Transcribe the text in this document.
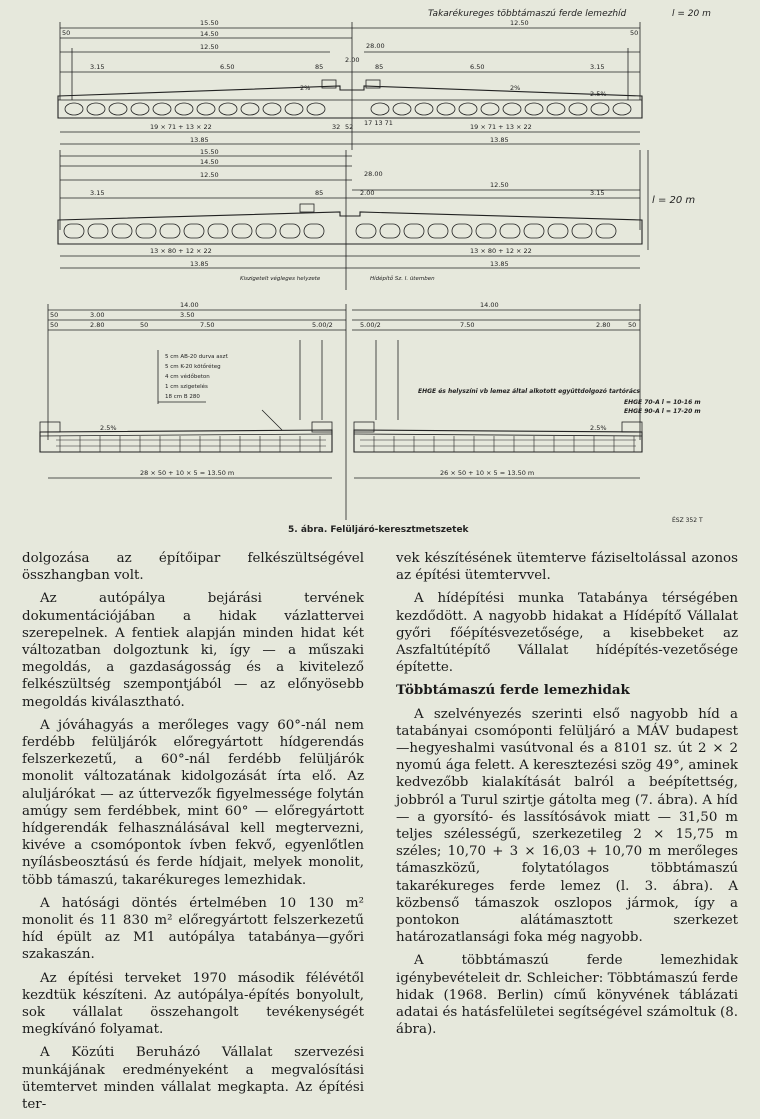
Takarékureges többtámaszú ferde lemezhíd	l = 20 m
15.50	12.50
50	14.50
28.00
12.50
3.15	6.50	85
2.00
85	6.50	3.15
50
19 × 71 + 13 × 22	32 52 17 13 71	19 × 71 + 13 × 22
13.85	13.85
2%	2%
2.5%
15.50
14.50
12.50	28.00
3.15	85	2.00
12.50
3.15
13 × 80 + 12 × 22	13 × 80 + 12 × 22
13.85	13.85
Kiszigetelt végleges helyzete	Hídépítő Sz. I. ütemben
l = 20 m
14.00	14.00
50	3.00	3.50
50	2.80	50	7.50	5.00/2	5.00/2	7.50	2.80	50
5 cm AB-20 durva aszf.
5 cm K-20 kötőréteg
4 cm védőbeton
1 cm szigetelés
18 cm B 280
EHGE és helyszíni vb lemez által alkotott együttdolgozó tartórács
EHGE 70-A l = 10-16 m
EHGE 90-A l = 17-20 m
28 × 50 + 10 × 5 = 13.50 m	26 × 50 + 10 × 5 = 13.50 m
2.5%	2.5%
5. ábra. Felüljáró-keresztmetszetek
ÉSZ 352 T

dolgozása az építőipar felkészültségével összhangban volt.

Az autópálya bejárási tervének dokumentációjában a hidak vázlattervei szerepelnek. A fentiek alapján minden hidat két változatban dolgoztunk ki, így — a műszaki megoldás, a gazdaságosság és a kivitelező felkészültség szempontjából — az előnyösebb megoldás kiválasztható.

A jóváhagyás a merőleges vagy 60°-nál nem ferdébb felüljárók előregyártott hídgerendás felszerkezetű, a 60°-nál ferdébb felüljárók monolit változatának kidolgozását írta elő. Az aluljárókat — az úttervezők figyelmessége folytán amúgy sem ferdébbek, mint 60° — előregyártott hídgerendák felhasználásával kell megtervezni, kivéve a csomópontok ívben fekvő, egyenlőtlen nyílásbeosztású és ferde hídjait, melyek monolit, több támaszú, takarékureges lemezhidak.

A hatósági döntés értelmében 10 130 m² monolit és 11 830 m² előregyártott felszerkezetű híd épült az M1 autópálya tatabánya—győri szakaszán.

Az építési terveket 1970 második félévétől kezdtük készíteni. Az autópálya-építés bonyolult, sok vállalat összehangolt tevékenységét megkívánó folyamat.

A Közúti Beruházó Vállalat szervezési munkájának eredményeként a megvalósítási ütemtervet minden vállalat megkapta. Az építési ter-

vek készítésének ütemterve fáziseltolással azonos az építési ütemtervvel.

A hídépítési munka Tatabánya térségében kezdődött. A nagyobb hidakat a Hídépítő Vállalat győri főépítésvezetősége, a kisebbeket az Aszfaltútépítő Vállalat hídépítés-vezetősége építette.

Többtámaszú ferde lemezhidak

A szelvényezés szerinti első nagyobb híd a tatabányai csomóponti felüljáró a MÁV budapest—hegyeshalmi vasútvonal és a 8101 sz. út 2 × 2 nyomú ága felett. A keresztezési szög 49°, aminek kedvezőbb kialakítását balról a beépítettség, jobbról a Turul szirtje gátolta meg (7. ábra). A híd — a gyorsító- és lassítósávok miatt — 31,50 m teljes szélességű, szerkezetileg 2 × 15,75 m széles; 10,70 + 3 × 16,03 + 10,70 m merőleges támaszközű, folytatólagos többtámaszú takarékureges ferde lemez (l. 3. ábra). A közbenső támaszok oszlopos jármok, így a pontokon alátámasztott szerkezet határozatlansági foka még nagyobb.

A többtámaszú ferde lemezhidak igénybevételeit dr. Schleicher: Többtámaszú ferde hidak (1968. Berlin) című könyvének táblázati adatai és hatásfelületei segítségével számoltuk (8. ábra).
